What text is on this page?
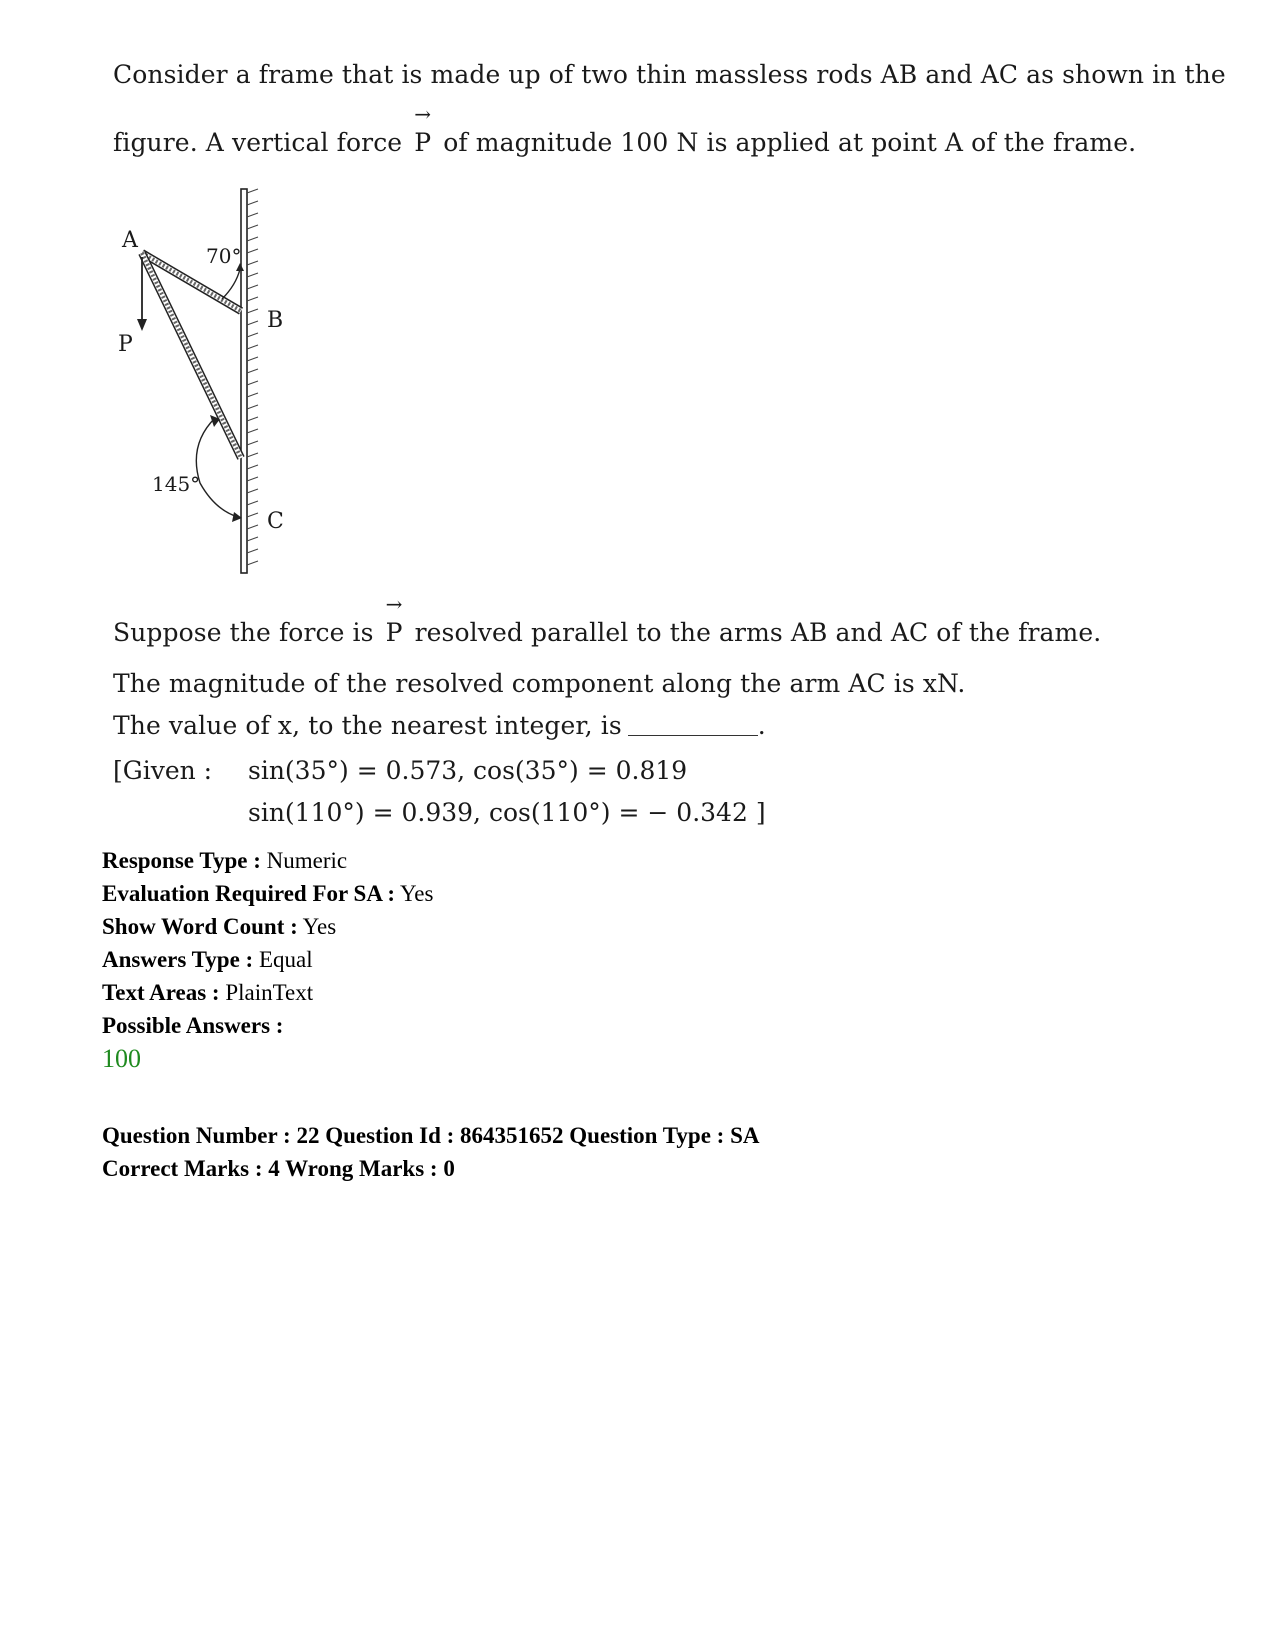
Consider a frame that is made up of two thin massless rods AB and AC as shown in the
figure. A vertical force
→
P of magnitude 100 N is applied at point A of the frame.
A
B
C
P
70°
145°
Suppose the force is
→
P resolved parallel to the arms AB and AC of the frame.
The magnitude of the resolved component along the arm AC is xN.
The value of x, to the nearest integer, is	.
[Given : sin(35°) = 0.573, cos(35°) = 0.819
sin(110°) = 0.939, cos(110°) = − 0.342 ]
Response Type : Numeric
Evaluation Required For SA : Yes
Show Word Count : Yes
Answers Type : Equal
Text Areas : PlainText
Possible Answers :
100
Question Number : 22 Question Id : 864351652 Question Type : SA
Correct Marks : 4 Wrong Marks : 0
